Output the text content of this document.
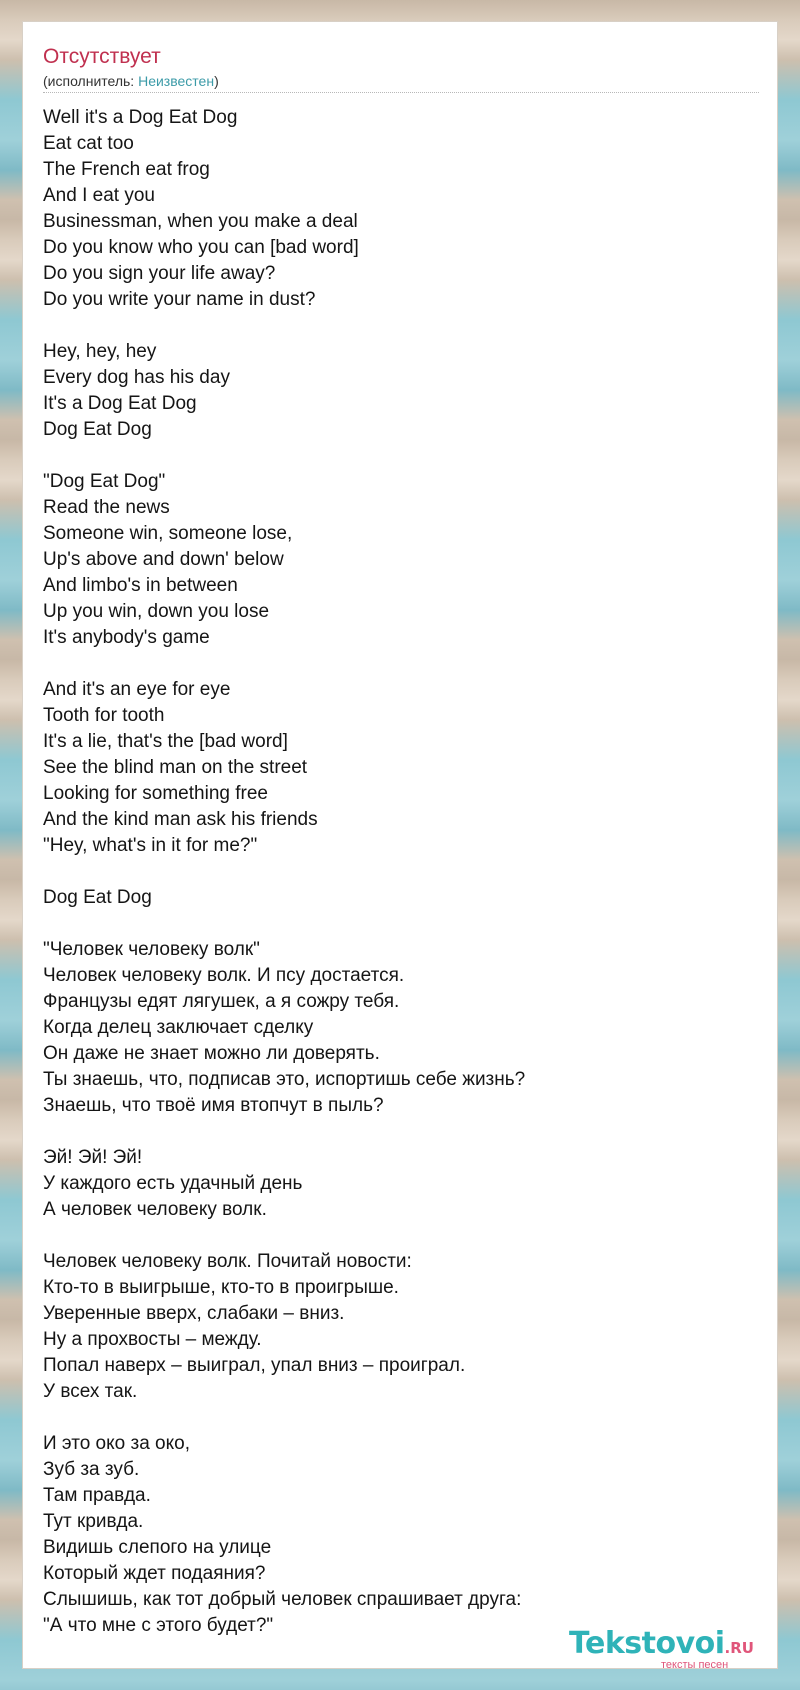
Отсутствует
(исполнитель: Неизвестен)
Well it's a Dog Eat Dog
Eat cat too
The French eat frog
And I eat you
Businessman, when you make a deal
Do you know who you can [bad word]
Do you sign your life away?
Do you write your name in dust?
Hey, hey, hey
Every dog has his day
It's a Dog Eat Dog
Dog Eat Dog
"Dog Eat Dog"
Read the news
Someone win, someone lose,
Up's above and down' below
And limbo's in between
Up you win, down you lose
It's anybody's game
And it's an eye for eye
Tooth for tooth
It's a lie, that's the [bad word]
See the blind man on the street
Looking for something free
And the kind man ask his friends
"Hey, what's in it for me?"
Dog Eat Dog
"Человек человеку волк"
Человек человеку волк. И псу достается.
Французы едят лягушек, а я сожру тебя.
Когда делец заключает сделку
Он даже не знает можно ли доверять.
Ты знаешь, что, подписав это, испортишь себе жизнь?
Знаешь, что твоё имя втопчут в пыль?
Эй! Эй! Эй!
У каждого есть удачный день
А человек человеку волк.
Человек человеку волк. Почитай новости:
Кто-то в выигрыше, кто-то в проигрыше.
Уверенные вверх, слабаки – вниз.
Ну а прохвосты – между.
Попал наверх – выиграл, упал вниз – проиграл.
У всех так.
И это око за око,
Зуб за зуб.
Там правда.
Тут кривда.
Видишь слепого на улице
Который ждет подаяния?
Слышишь, как тот добрый человек спрашивает друга:
"А что мне с этого будет?"
Tekstovoi.RU
тексты песен
